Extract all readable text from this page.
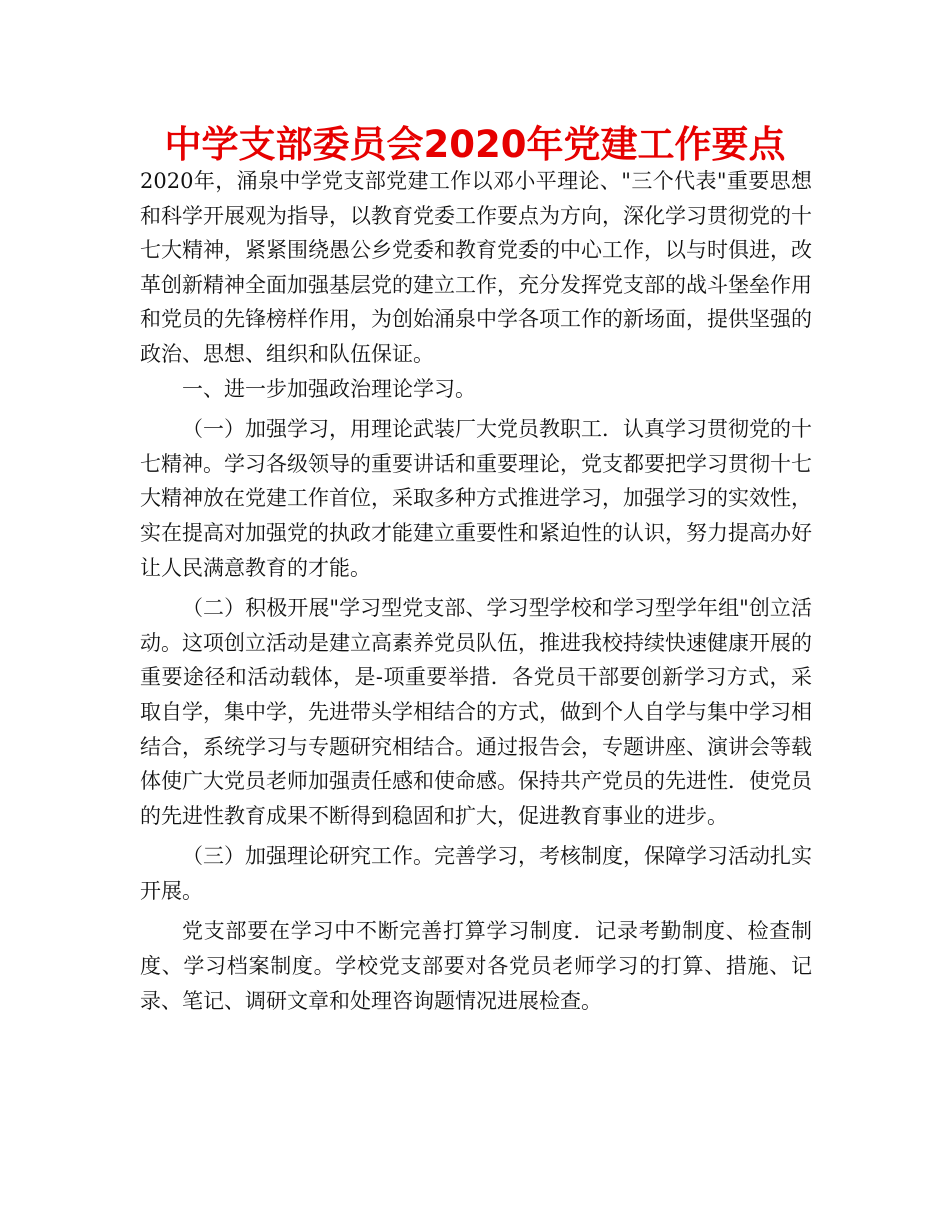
中学支部委员会2020年党建工作要点

2020年，涌泉中学党支部党建工作以邓小平理论、"三个代表"重要思想和科学开展观为指导，以教育党委工作要点为方向，深化学习贯彻党的十七大精神，紧紧围绕愚公乡党委和教育党委的中心工作，以与时俱进，改革创新精神全面加强基层党的建立工作，充分发挥党支部的战斗堡垒作用和党员的先锋榜样作用，为创始涌泉中学各项工作的新场面，提供坚强的政治、思想、组织和队伍保证。

一、进一步加强政治理论学习。

（一）加强学习，用理论武装厂大党员教职工．认真学习贯彻党的十七精神。学习各级领导的重要讲话和重要理论，党支都要把学习贯彻十七大精神放在党建工作首位，采取多种方式推进学习，加强学习的实效性，实在提高对加强党的执政才能建立重要性和紧迫性的认识，努力提高办好让人民满意教育的才能。

（二）积极开展"学习型党支部、学习型学校和学习型学年组"创立活动。这项创立活动是建立高素养党员队伍，推进我校持续快速健康开展的重要途径和活动载体，是-项重要举措．各党员干部要创新学习方式，采取自学，集中学，先进带头学相结合的方式，做到个人自学与集中学习相结合，系统学习与专题研究相结合。通过报告会，专题讲座、演讲会等载体使广大党员老师加强责任感和使命感。保持共产党员的先进性．使党员的先进性教育成果不断得到稳固和扩大，促进教育事业的进步。

（三）加强理论研究工作。完善学习，考核制度，保障学习活动扎实开展。

党支部要在学习中不断完善打算学习制度．记录考勤制度、检查制度、学习档案制度。学校党支部要对各党员老师学习的打算、措施、记录、笔记、调研文章和处理咨询题情况进展检查。
